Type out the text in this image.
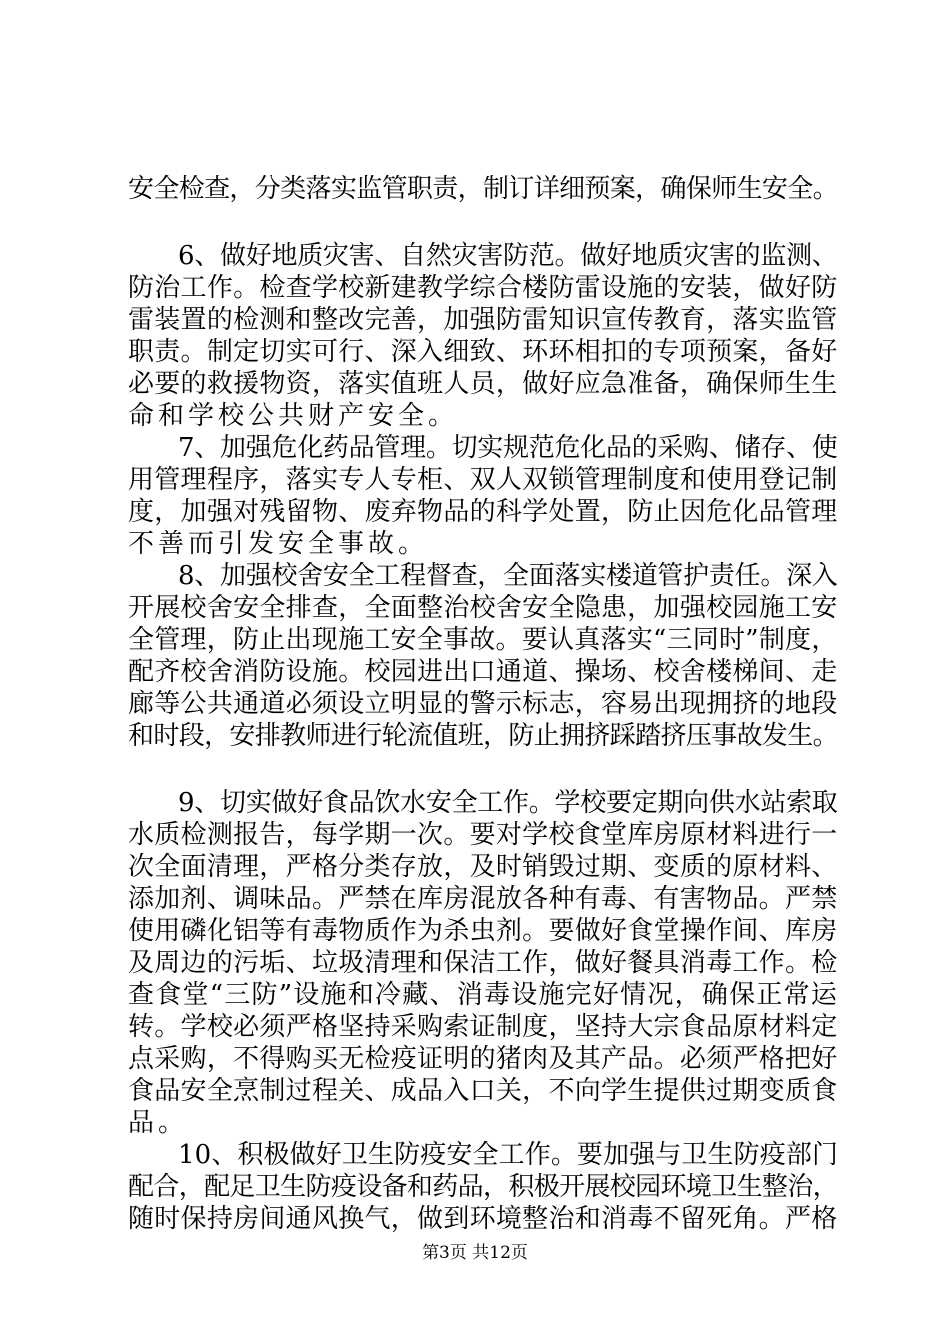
安全检查，分类落实监管职责，制订详细预案，确保师生安全。
6、做好地质灾害、自然灾害防范。做好地质灾害的监测、
防治工作。检查学校新建教学综合楼防雷设施的安装，做好防
雷装置的检测和整改完善，加强防雷知识宣传教育，落实监管
职责。制定切实可行、深入细致、环环相扣的专项预案，备好
必要的救援物资，落实值班人员，做好应急准备，确保师生生
命和学校公共财产安全。
7、加强危化药品管理。切实规范危化品的采购、储存、使
用管理程序，落实专人专柜、双人双锁管理制度和使用登记制
度，加强对残留物、废弃物品的科学处置，防止因危化品管理
不善而引发安全事故。
8、加强校舍安全工程督查，全面落实楼道管护责任。深入
开展校舍安全排查，全面整治校舍安全隐患，加强校园施工安
全管理，防止出现施工安全事故。要认真落实“三同时”制度，
配齐校舍消防设施。校园进出口通道、操场、校舍楼梯间、走
廊等公共通道必须设立明显的警示标志，容易出现拥挤的地段
和时段，安排教师进行轮流值班，防止拥挤踩踏挤压事故发生。
9、切实做好食品饮水安全工作。学校要定期向供水站索取
水质检测报告，每学期一次。要对学校食堂库房原材料进行一
次全面清理，严格分类存放，及时销毁过期、变质的原材料、
添加剂、调味品。严禁在库房混放各种有毒、有害物品。严禁
使用磷化铝等有毒物质作为杀虫剂。要做好食堂操作间、库房
及周边的污垢、垃圾清理和保洁工作，做好餐具消毒工作。检
查食堂“三防”设施和冷藏、消毒设施完好情况，确保正常运
转。学校必须严格坚持采购索证制度，坚持大宗食品原材料定
点采购，不得购买无检疫证明的猪肉及其产品。必须严格把好
食品安全烹制过程关、成品入口关，不向学生提供过期变质食
品。
10、积极做好卫生防疫安全工作。要加强与卫生防疫部门
配合，配足卫生防疫设备和药品，积极开展校园环境卫生整治，
随时保持房间通风换气，做到环境整治和消毒不留死角。严格
第3页 共12页
